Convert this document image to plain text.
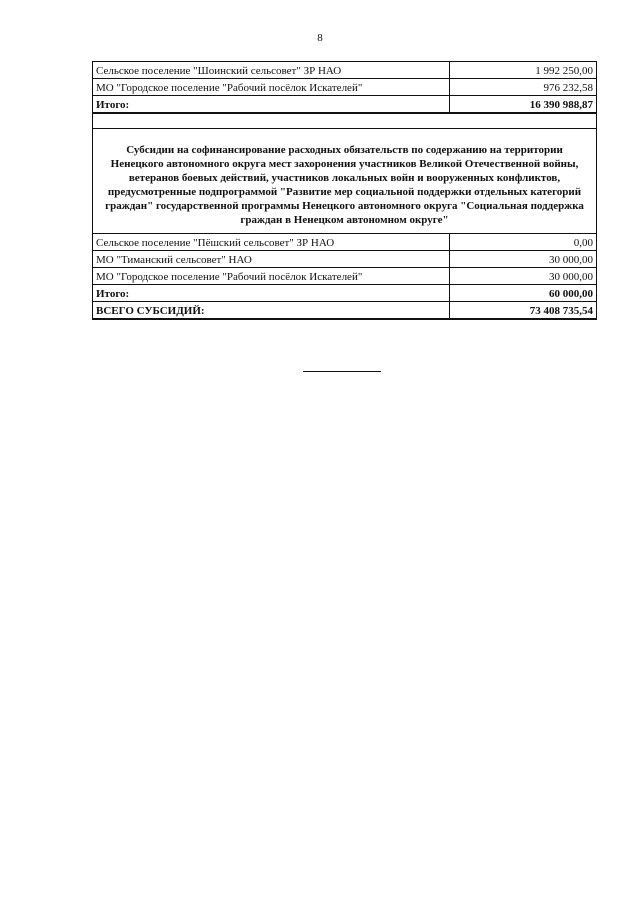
8
Сельское поселение "Шоинский сельсовет" ЗР НАО	1 992 250,00
МО "Городское поселение "Рабочий посёлок Искателей"	976 232,58
Итого:	16 390 988,87

Субсидии на софинансирование расходных обязательств по содержанию на территории Ненецкого автономного округа мест захоронения участников Великой Отечественной войны, ветеранов боевых действий, участников локальных войн и вооруженных конфликтов, предусмотренные подпрограммой "Развитие мер социальной поддержки отдельных категорий граждан" государственной программы Ненецкого автономного округа "Социальная поддержка граждан в Ненецком автономном округе"	
Сельское поселение "Пёшский сельсовет" ЗР НАО	0,00
МО "Тиманский сельсовет" НАО	30 000,00
МО "Городское поселение "Рабочий посёлок Искателей"	30 000,00
Итого:	60 000,00
ВСЕГО СУБСИДИЙ:	73 408 735,54
